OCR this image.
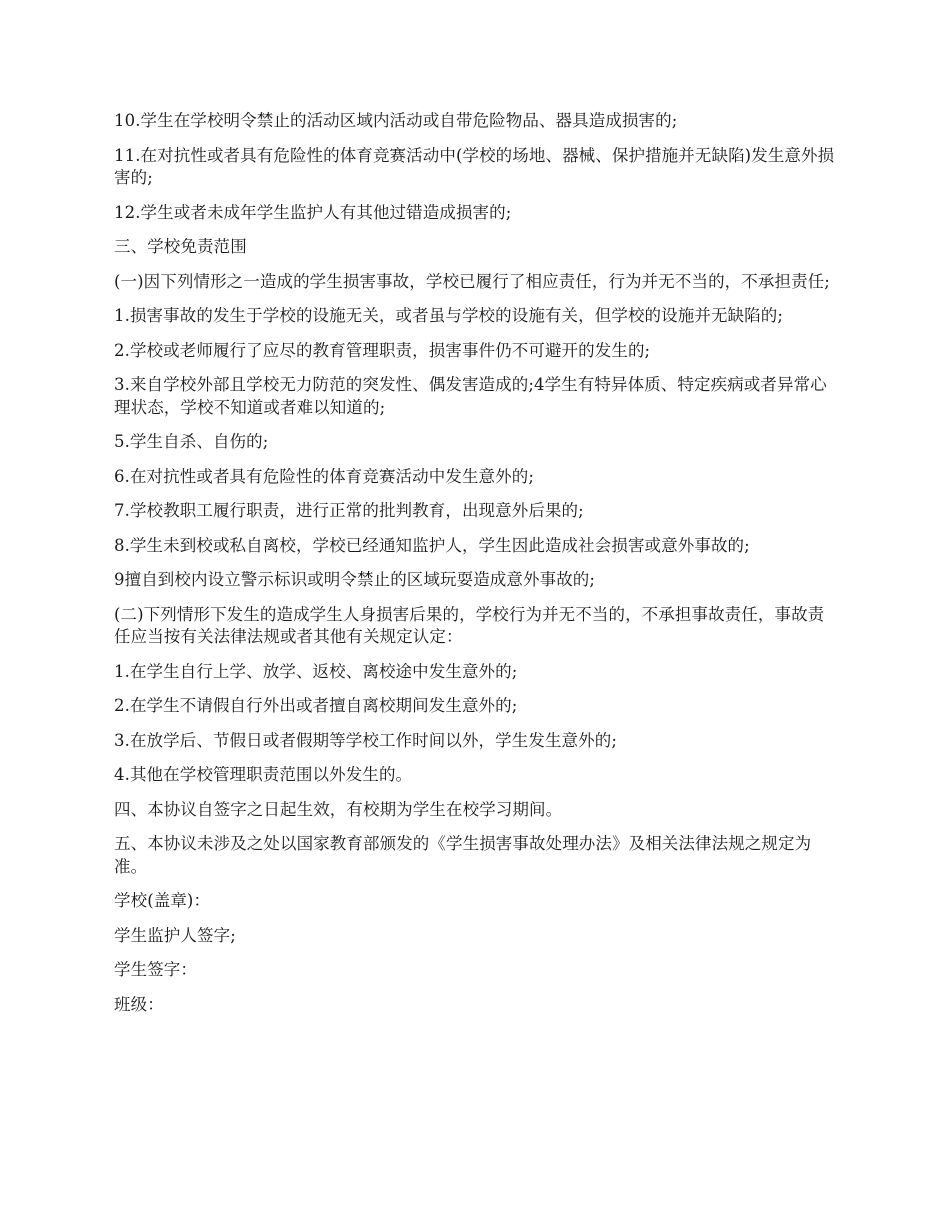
10.学生在学校明令禁止的活动区域内活动或自带危险物品、器具造成损害的;

11.在对抗性或者具有危险性的体育竞赛活动中(学校的场地、器械、保护措施并无缺陷)发生意外损害的;

12.学生或者未成年学生监护人有其他过错造成损害的;

三、学校免责范围

(一)因下列情形之一造成的学生损害事故，学校已履行了相应责任，行为并无不当的，不承担责任;

1.损害事故的发生于学校的设施无关，或者虽与学校的设施有关，但学校的设施并无缺陷的;

2.学校或老师履行了应尽的教育管理职责，损害事件仍不可避开的发生的;

3.来自学校外部且学校无力防范的突发性、偶发害造成的;4学生有特异体质、特定疾病或者异常心理状态，学校不知道或者难以知道的;

5.学生自杀、自伤的;

6.在对抗性或者具有危险性的体育竞赛活动中发生意外的;

7.学校教职工履行职责，进行正常的批判教育，出现意外后果的;

8.学生未到校或私自离校，学校已经通知监护人，学生因此造成社会损害或意外事故的;

9擅自到校内设立警示标识或明令禁止的区域玩耍造成意外事故的;

(二)下列情形下发生的造成学生人身损害后果的，学校行为并无不当的，不承担事故责任，事故责任应当按有关法律法规或者其他有关规定认定：

1.在学生自行上学、放学、返校、离校途中发生意外的;

2.在学生不请假自行外出或者擅自离校期间发生意外的;

3.在放学后、节假日或者假期等学校工作时间以外，学生发生意外的;

4.其他在学校管理职责范围以外发生的。

四、本协议自签字之日起生效，有校期为学生在校学习期间。

五、本协议未涉及之处以国家教育部颁发的《学生损害事故处理办法》及相关法律法规之规定为准。

学校(盖章)：

学生监护人签字;

学生签字：

班级：
